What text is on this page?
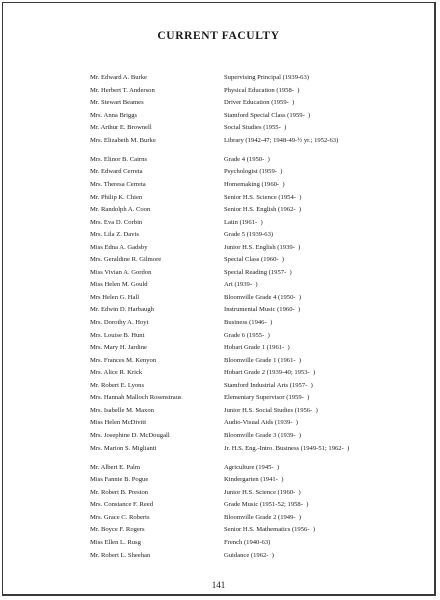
CURRENT FACULTY
Mr. Edward A. Burke	Supervising Principal (1939-63)
Mr. Herbert T. Anderson	Physical Education (1958-  )
Mr. Stewart Beames	Driver Education (1959-  )
Mrs. Anna Briggs	Stamford Special Class (1959-  )
Mr. Arthur E. Brownell	Social Studies (1955-  )
Mrs. Elizabeth M. Burke	Library (1942-47; 1948-49-½ yr.; 1952-63)
Mrs. Elinor B. Cairns	Grade 4 (1950-  )
Mr. Edward Cerreta	Psychologist (1959-  )
Mrs. Theresa Cerreta	Homemaking (1960-  )
Mr. Philip K. Chien	Senior H.S. Science (1954-  )
Mr. Randolph A. Coon	Senior H.S. English (1962-  )
Mrs. Eva D. Corbin	Latin (1961-  )
Mrs. Lila Z. Davis	Grade 5 (1939-63)
Miss Edna A. Gadsby	Junior H.S. English (1939-  )
Mrs. Geraldine R. Gilmore	Special Class (1960-  )
Miss Vivian A. Gordon	Special Reading (1957-  )
Miss Helen M. Gould	Art (1939-  )
Mrs Helen G. Hall	Bloomville Grade 4 (1950-  )
Mr. Edwin D. Harbaugh	Instrumental Music (1960-  )
Mrs. Dorothy A. Hoyt	Business (1946-  )
Mrs. Louise B. Hunt	Grade 6 (1955-  )
Mrs. Mary H. Jardine	Hobart Grade 1 (1961-  )
Mrs. Frances M. Kenyon	Bloomville Grade 1 (1961-  )
Mrs. Alice R. Krick	Hobart Grade 2 (1939-40; 1953-  )
Mr. Robert E. Lyons	Stamford Industrial Arts (1957-  )
Mrs. Hannah Malloch Rosenstraus	Elementary Supervisor (1959-  )
Mrs. Isabelle M. Maxon	Junior H.S. Social Studies (1956-  )
Miss Helen McDivitt	Audio-Visual Aids (1939-  )
Mrs. Josephine D. McDougall	Bloomville Grade 3 (1939-  )
Mrs. Marion S. Miglianti	Jr. H.S. Eng.-Intro. Business (1949-51; 1962-  )
Mr. Albert E. Palm	Agriculture (1945-  )
Miss Fannie B. Pogue	Kindergarten (1941-  )
Mr. Robert B. Preston	Junior H.S. Science (1960-  )
Mrs. Constance F. Reed	Grade Music (1951-52; 1958-  )
Mrs. Grace C. Roberts	Bloomville Grade 2 (1949-  )
Mr. Boyce F. Rogers	Senior H.S. Mathematics (1956-  )
Miss Ellen L. Rusg	French (1940-63)
Mr. Robert L. Sheehan	Guidance (1962-  )
141
